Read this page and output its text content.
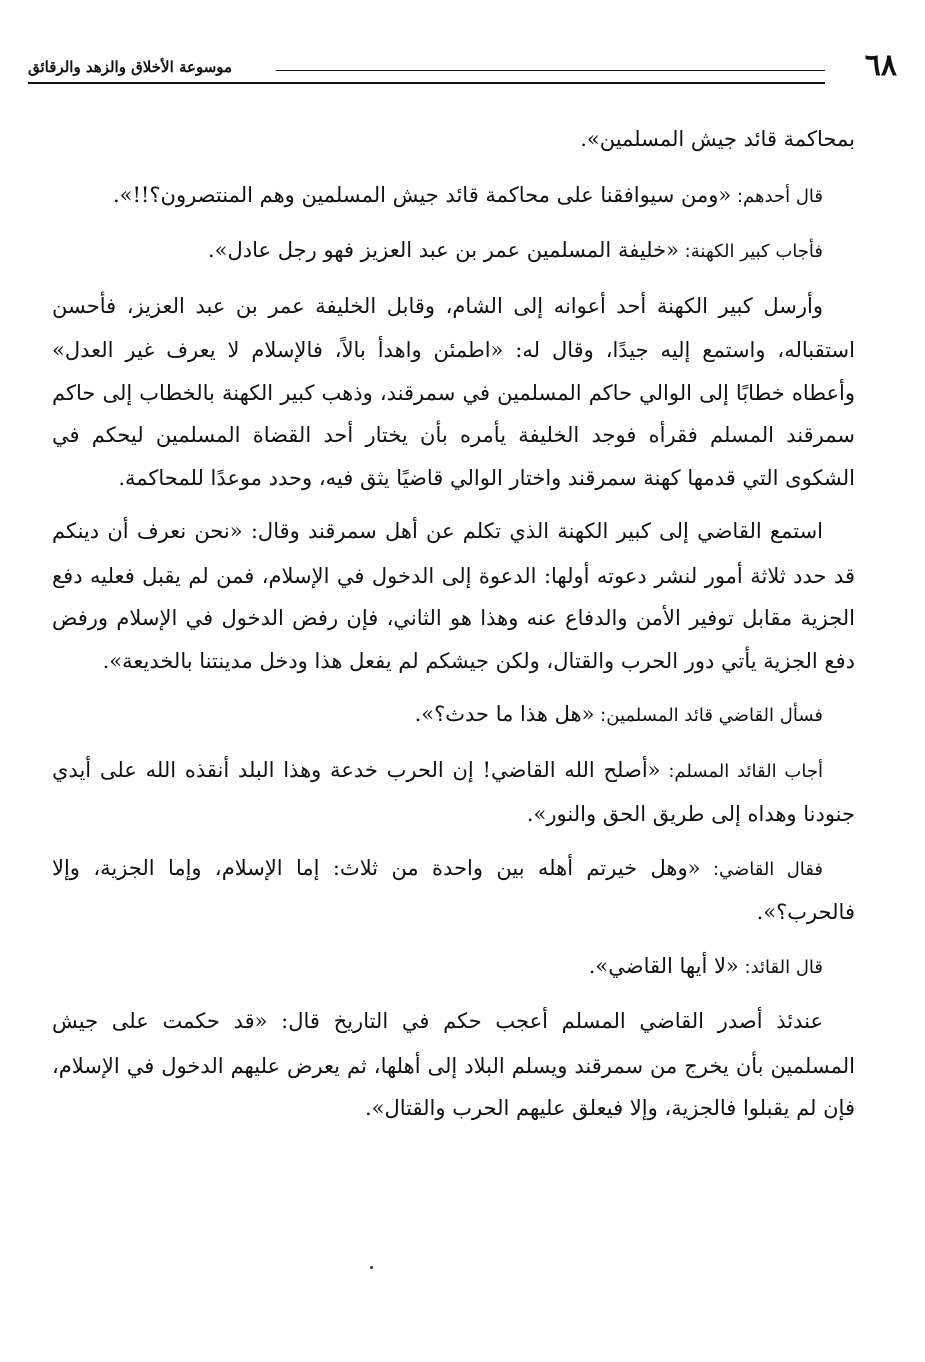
٦٨
موسوعة الأخلاق والزهد والرقائق

بمحاكمة قائد جيش المسلمين».

قال أحدهم: «ومن سيوافقنا على محاكمة قائد جيش المسلمين وهم المنتصرون؟!!».

فأجاب كبير الكهنة: «خليفة المسلمين عمر بن عبد العزيز فهو رجل عادل».

وأرسل كبير الكهنة أحد أعوانه إلى الشام، وقابل الخليفة عمر بن عبد العزيز، فأحسن استقباله، واستمع إليه جيدًا، وقال له: «اطمئن واهدأ بالاً، فالإسلام لا يعرف غير العدل» وأعطاه خطابًا إلى الوالي حاكم المسلمين في سمرقند، وذهب كبير الكهنة بالخطاب إلى حاكم سمرقند المسلم فقرأه فوجد الخليفة يأمره بأن يختار أحد القضاة المسلمين ليحكم في الشكوى التي قدمها كهنة سمرقند واختار الوالي قاضيًا يثق فيه، وحدد موعدًا للمحاكمة.

استمع القاضي إلى كبير الكهنة الذي تكلم عن أهل سمرقند وقال: «نحن نعرف أن دينكم قد حدد ثلاثة أمور لنشر دعوته أولها: الدعوة إلى الدخول في الإسلام، فمن لم يقبل فعليه دفع الجزية مقابل توفير الأمن والدفاع عنه وهذا هو الثاني، فإن رفض الدخول في الإسلام ورفض دفع الجزية يأتي دور الحرب والقتال، ولكن جيشكم لم يفعل هذا ودخل مدينتنا بالخديعة».

فسأل القاضي قائد المسلمين: «هل هذا ما حدث؟».

أجاب القائد المسلم: «أصلح الله القاضي! إن الحرب خدعة وهذا البلد أنقذه الله على أيدي جنودنا وهداه إلى طريق الحق والنور».

فقال القاضي: «وهل خيرتم أهله بين واحدة من ثلاث: إما الإسلام، وإما الجزية، وإلا فالحرب؟».

قال القائد: «لا أيها القاضي».

عندئذ أصدر القاضي المسلم أعجب حكم في التاريخ قال: «قد حكمت على جيش المسلمين بأن يخرج من سمرقند ويسلم البلاد إلى أهلها، ثم يعرض عليهم الدخول في الإسلام، فإن لم يقبلوا فالجزية، وإلا فيعلق عليهم الحرب والقتال».
